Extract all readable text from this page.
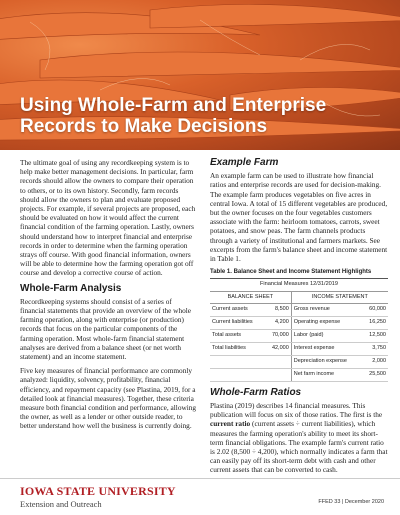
Using Whole-Farm and Enterprise Records to Make Decisions

The ultimate goal of using any recordkeeping system is to help make better management decisions. In particular, farm records should allow the owners to compare their operation to others, or to its own history. Secondly, farm records should allow the owners to plan and evaluate proposed projects. For example, if several projects are proposed, each should be evaluated on how it would affect the current financial condition of the farming operation. Lastly, owners should understand how to interpret financial and enterprise records in order to determine when the farming operation strays off course. With good financial information, owners will be able to determine how the farming operation got off course and develop a corrective course of action.

Whole-Farm Analysis

Recordkeeping systems should consist of a series of financial statements that provide an overview of the whole farming operation, along with enterprise (or production) records that focus on the particular components of the farming operation. Most whole-farm financial statement analyses are derived from a balance sheet (or net worth statement) and an income statement.

Five key measures of financial performance are commonly analyzed: liquidity, solvency, profitability, financial efficiency, and repayment capacity (see Plastina, 2019, for a detailed look at financial measures). Together, these criteria measure both financial condition and performance, allowing the owner, as well as a lender or other outside reader, to better understand how well the business is currently doing.

Example Farm

An example farm can be used to illustrate how financial ratios and enterprise records are used for decision-making. The example farm produces vegetables on five acres in central Iowa. A total of 15 different vegetables are produced, but the owner focuses on the four vegetables customers associate with the farm: heirloom tomatoes, carrots, sweet potatoes, and snow peas. The farm channels products through a variety of institutional and farmers markets. See excerpts from the farm's balance sheet and income statement in Table 1.

Table 1. Balance Sheet and Income Statement Highlights
Financial Measures 12/31/2019
BALANCE SHEET		INCOME STATEMENT	
Current assets	8,500	Gross revenue	60,000
Current liabilities	4,200	Operating expense	16,250
Total assets	70,000	Labor (paid)	12,500
Total liabilities	42,000	Interest expense	3,750
		Depreciation expense	2,000
		Net farm income	25,500
Whole-Farm Ratios

Plastina (2019) describes 14 financial measures. This publication will focus on six of those ratios. The first is the current ratio (current assets ÷ current liabilities), which measures the farming operation's ability to meet its short-term financial obligations. The example farm's current ratio is 2.02 (8,500 ÷ 4,200), which normally indicates a farm that can easily pay off its short-term debt with cash and other current assets that can be converted to cash.

IOWA STATE UNIVERSITY
Extension and Outreach	FFED 33 | December 2020
